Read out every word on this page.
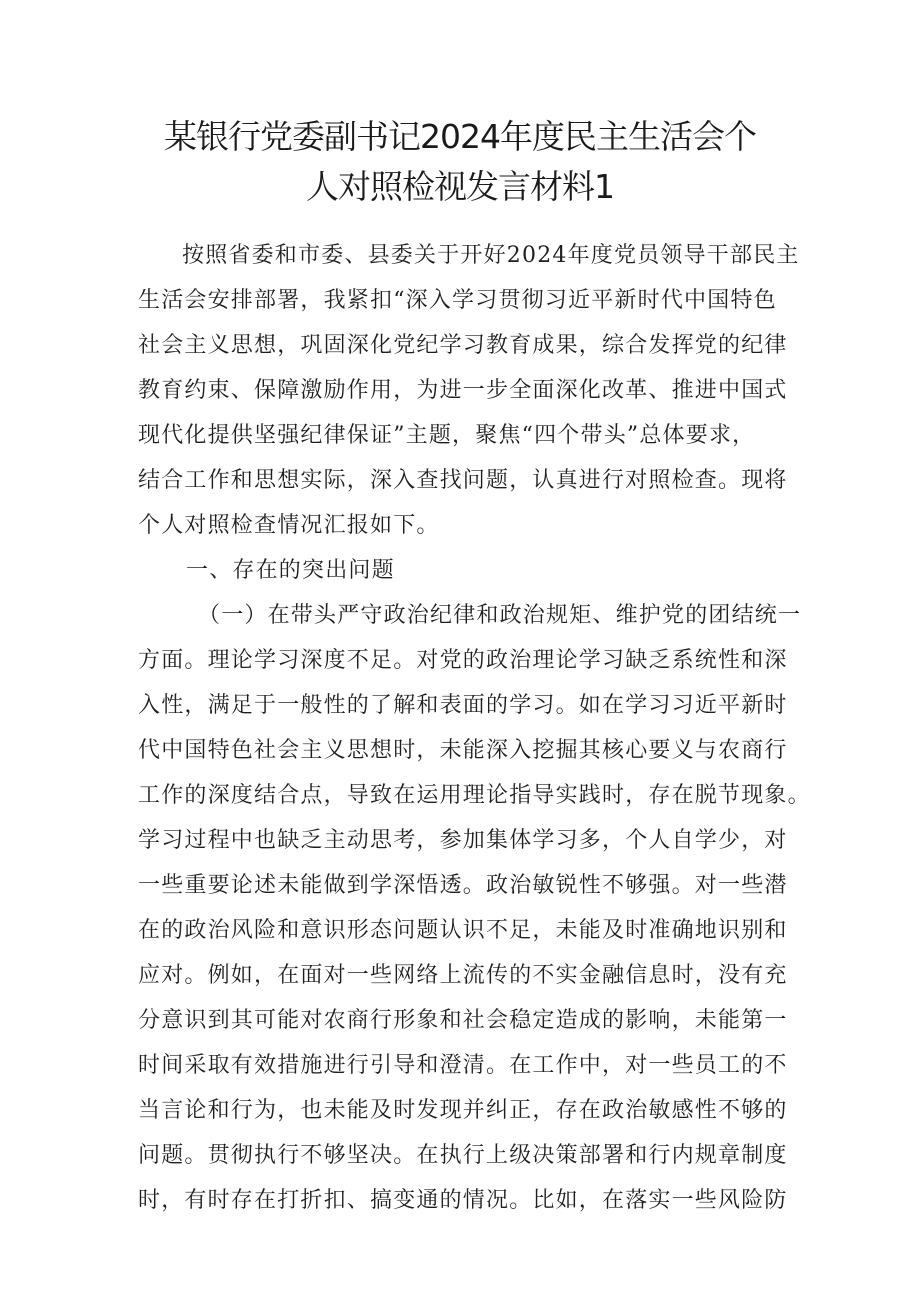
某银行党委副书记2024年度民主生活会个
人对照检视发言材料1
按照省委和市委、县委关于开好2024年度党员领导干部民主
生活会安排部署，我紧扣“深入学习贯彻习近平新时代中国特色
社会主义思想，巩固深化党纪学习教育成果，综合发挥党的纪律
教育约束、保障激励作用，为进一步全面深化改革、推进中国式
现代化提供坚强纪律保证”主题，聚焦“四个带头”总体要求，
结合工作和思想实际，深入查找问题，认真进行对照检查。现将
个人对照检查情况汇报如下。
一、存在的突出问题
（一）在带头严守政治纪律和政治规矩、维护党的团结统一
方面。理论学习深度不足。对党的政治理论学习缺乏系统性和深
入性，满足于一般性的了解和表面的学习。如在学习习近平新时
代中国特色社会主义思想时，未能深入挖掘其核心要义与农商行
工作的深度结合点，导致在运用理论指导实践时，存在脱节现象。
学习过程中也缺乏主动思考，参加集体学习多，个人自学少，对
一些重要论述未能做到学深悟透。政治敏锐性不够强。对一些潜
在的政治风险和意识形态问题认识不足，未能及时准确地识别和
应对。例如，在面对一些网络上流传的不实金融信息时，没有充
分意识到其可能对农商行形象和社会稳定造成的影响，未能第一
时间采取有效措施进行引导和澄清。在工作中，对一些员工的不
当言论和行为，也未能及时发现并纠正，存在政治敏感性不够的
问题。贯彻执行不够坚决。在执行上级决策部署和行内规章制度
时，有时存在打折扣、搞变通的情况。比如，在落实一些风险防
